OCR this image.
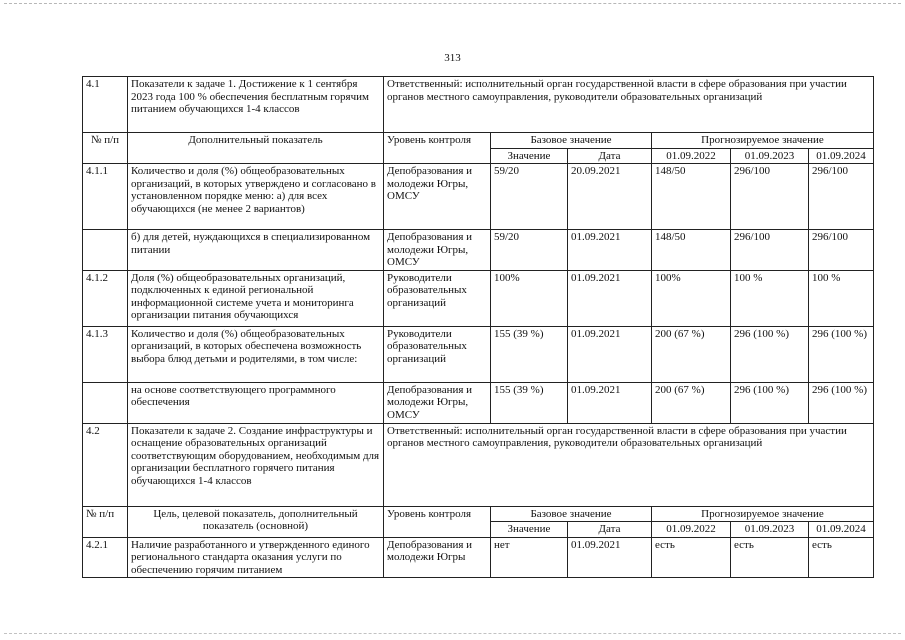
313
4.1	Показатели к задаче 1. Достижение к 1 сентября 2023 года 100 % обеспечения бесплатным горячим питанием обучающихся 1-4 классов	Ответственный: исполнительный орган государственной власти в сфере образования при участии органов местного самоуправления, руководители образовательных организаций					
№ п/п	Дополнительный показатель	Уровень контроля	Базовое значение		Прогнозируемое значение		
			Значение	Дата	01.09.2022	01.09.2023	01.09.2024
4.1.1	Количество и доля (%) общеобразовательных организаций, в которых утверждено и согласовано в установленном порядке меню: а) для всех обучающихся (не менее 2 вариантов)	Депобразования и молодежи Югры, ОМСУ	59/20	20.09.2021	148/50	296/100	296/100
	б) для детей, нуждающихся в специализированном питании	Депобразования и молодежи Югры, ОМСУ	59/20	01.09.2021	148/50	296/100	296/100
4.1.2	Доля (%) общеобразовательных организаций, подключенных к единой региональной информационной системе учета и мониторинга организации питания обучающихся	Руководители образовательных организаций	100%	01.09.2021	100%	100 %	100 %
4.1.3	Количество и доля (%) общеобразовательных организаций, в которых обеспечена возможность выбора блюд детьми и родителями, в том числе:	Руководители образовательных организаций	155 (39 %)	01.09.2021	200 (67 %)	296 (100 %)	296 (100 %)
	на основе соответствующего программного обеспечения	Депобразования и молодежи Югры, ОМСУ	155 (39 %)	01.09.2021	200 (67 %)	296 (100 %)	296 (100 %)
4.2	Показатели к задаче 2. Создание инфраструктуры и оснащение образовательных организаций соответствующим оборудованием, необходимым для организации бесплатного горячего питания обучающихся 1-4 классов	Ответственный: исполнительный орган государственной власти в сфере образования при участии органов местного самоуправления, руководители образовательных организаций					
№ п/п	Цель, целевой показатель, дополнительный показатель (основной)	Уровень контроля	Базовое значение		Прогнозируемое значение		
			Значение	Дата	01.09.2022	01.09.2023	01.09.2024
4.2.1	Наличие разработанного и утвержденного единого регионального стандарта оказания услуги по обеспечению горячим питанием	Депобразования и молодежи Югры	нет	01.09.2021	есть	есть	есть
